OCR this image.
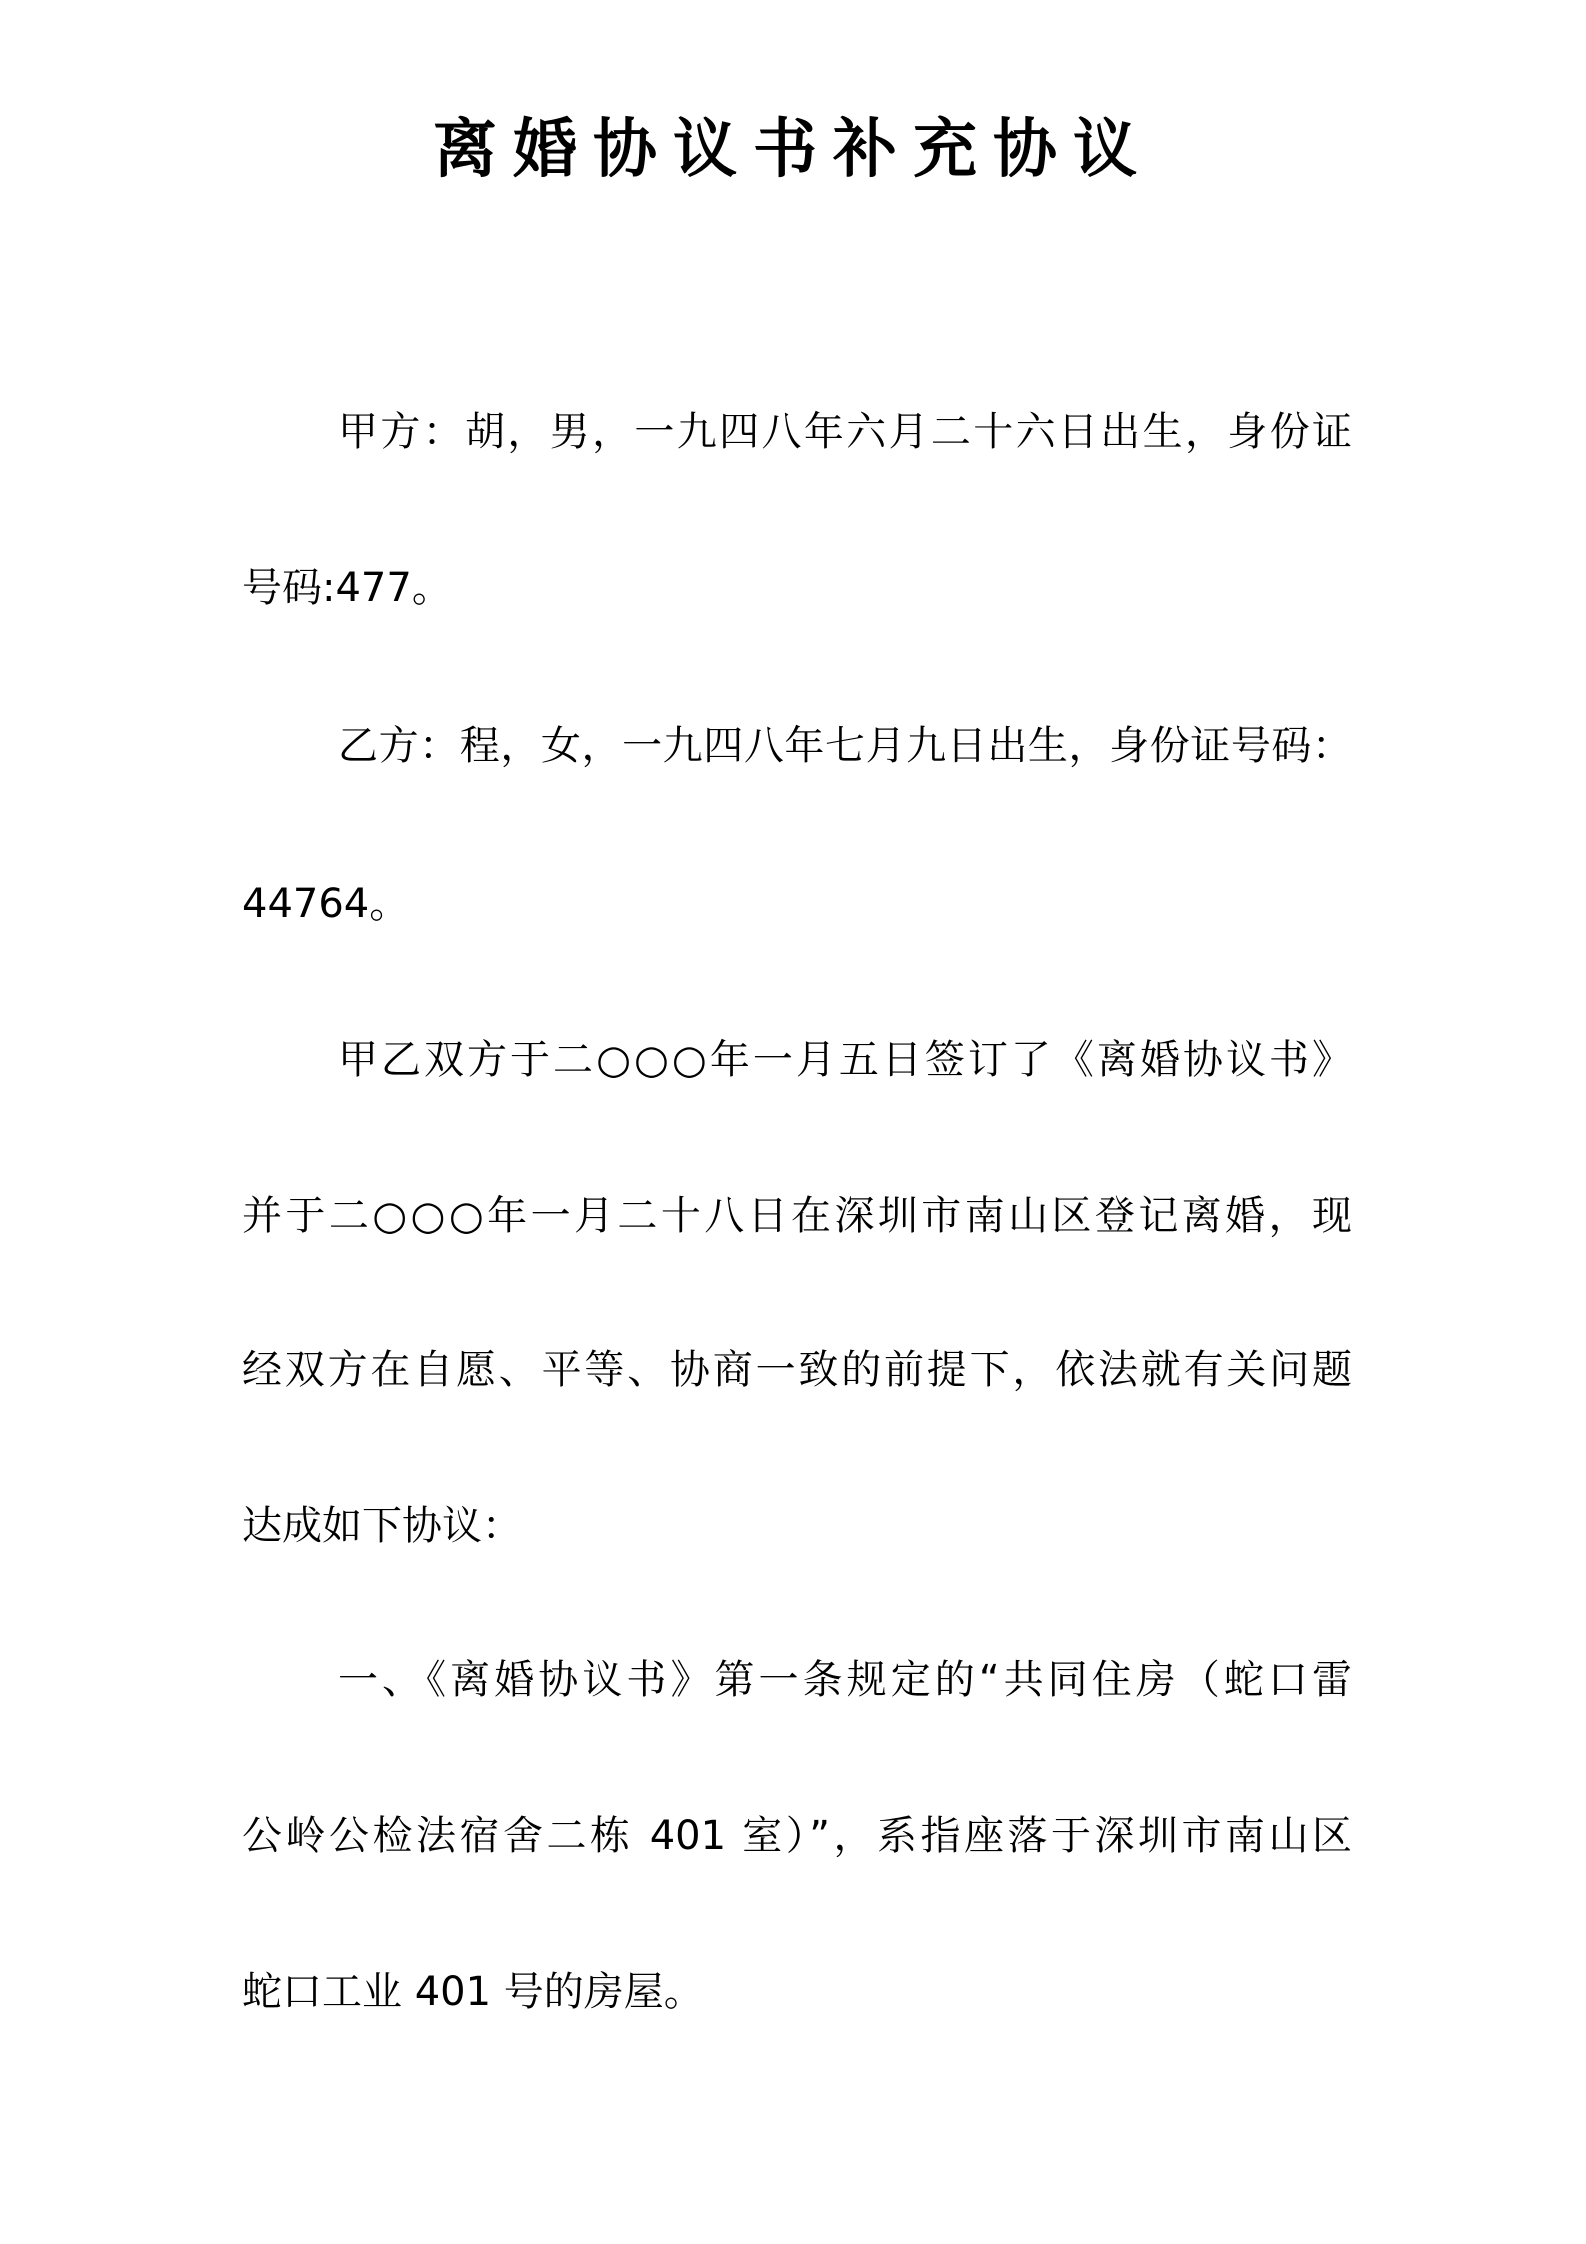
离婚协议书补充协议
甲方：胡，男，一九四八年六月二十六日出生，身份证
号码:477。
乙方：程，女，一九四八年七月九日出生，身份证号码：
44764。
甲乙双方于二○○○年一月五日签订了《离婚协议书》
并于二○○○年一月二十八日在深圳市南山区登记离婚，现
经双方在自愿、平等、协商一致的前提下，依法就有关问题
达成如下协议：
一、《离婚协议书》第一条规定的“共同住房（蛇口雷
公岭公检法宿舍二栋 401 室）”，系指座落于深圳市南山区
蛇口工业 401 号的房屋。
